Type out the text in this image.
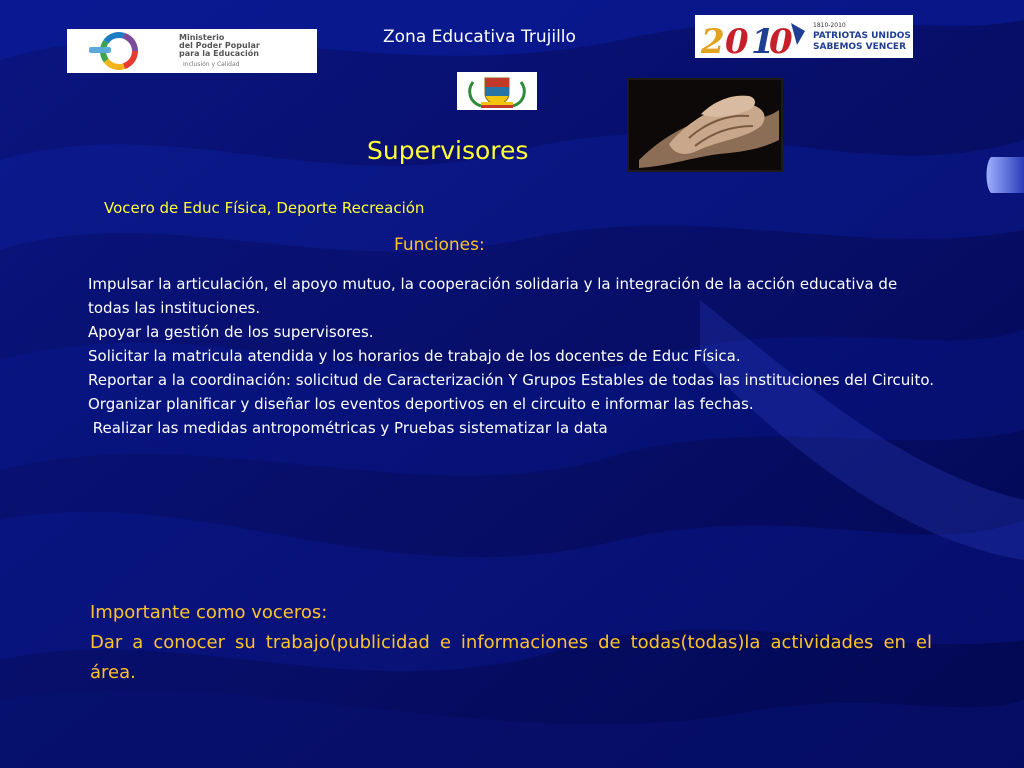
Ministerio
del Poder Popular
para la Educación
Inclusión y Calidad
Zona Educativa Trujillo	2 0 1
0	1810-2010
PATRIOTAS UNIDOS
SABEMOS VENCER
Supervisores
Vocero de Educ Física, Deporte Recreación
Funciones:

Impulsar la articulación, el apoyo mutuo, la cooperación solidaria y la integración de la acción educativa de todas las instituciones.

Apoyar la gestión de los supervisores.

Solicitar la matricula atendida y los horarios de trabajo de los docentes de Educ Física.

Reportar a la coordinación: solicitud de Caracterización Y Grupos Estables de todas las instituciones del Circuito.

Organizar planificar y diseñar los eventos deportivos en el circuito e informar las fechas.

Realizar las medidas antropométricas y Pruebas sistematizar la data

Importante como voceros:

Dar a conocer su trabajo(publicidad e informaciones de todas(todas)la actividades en el área.
